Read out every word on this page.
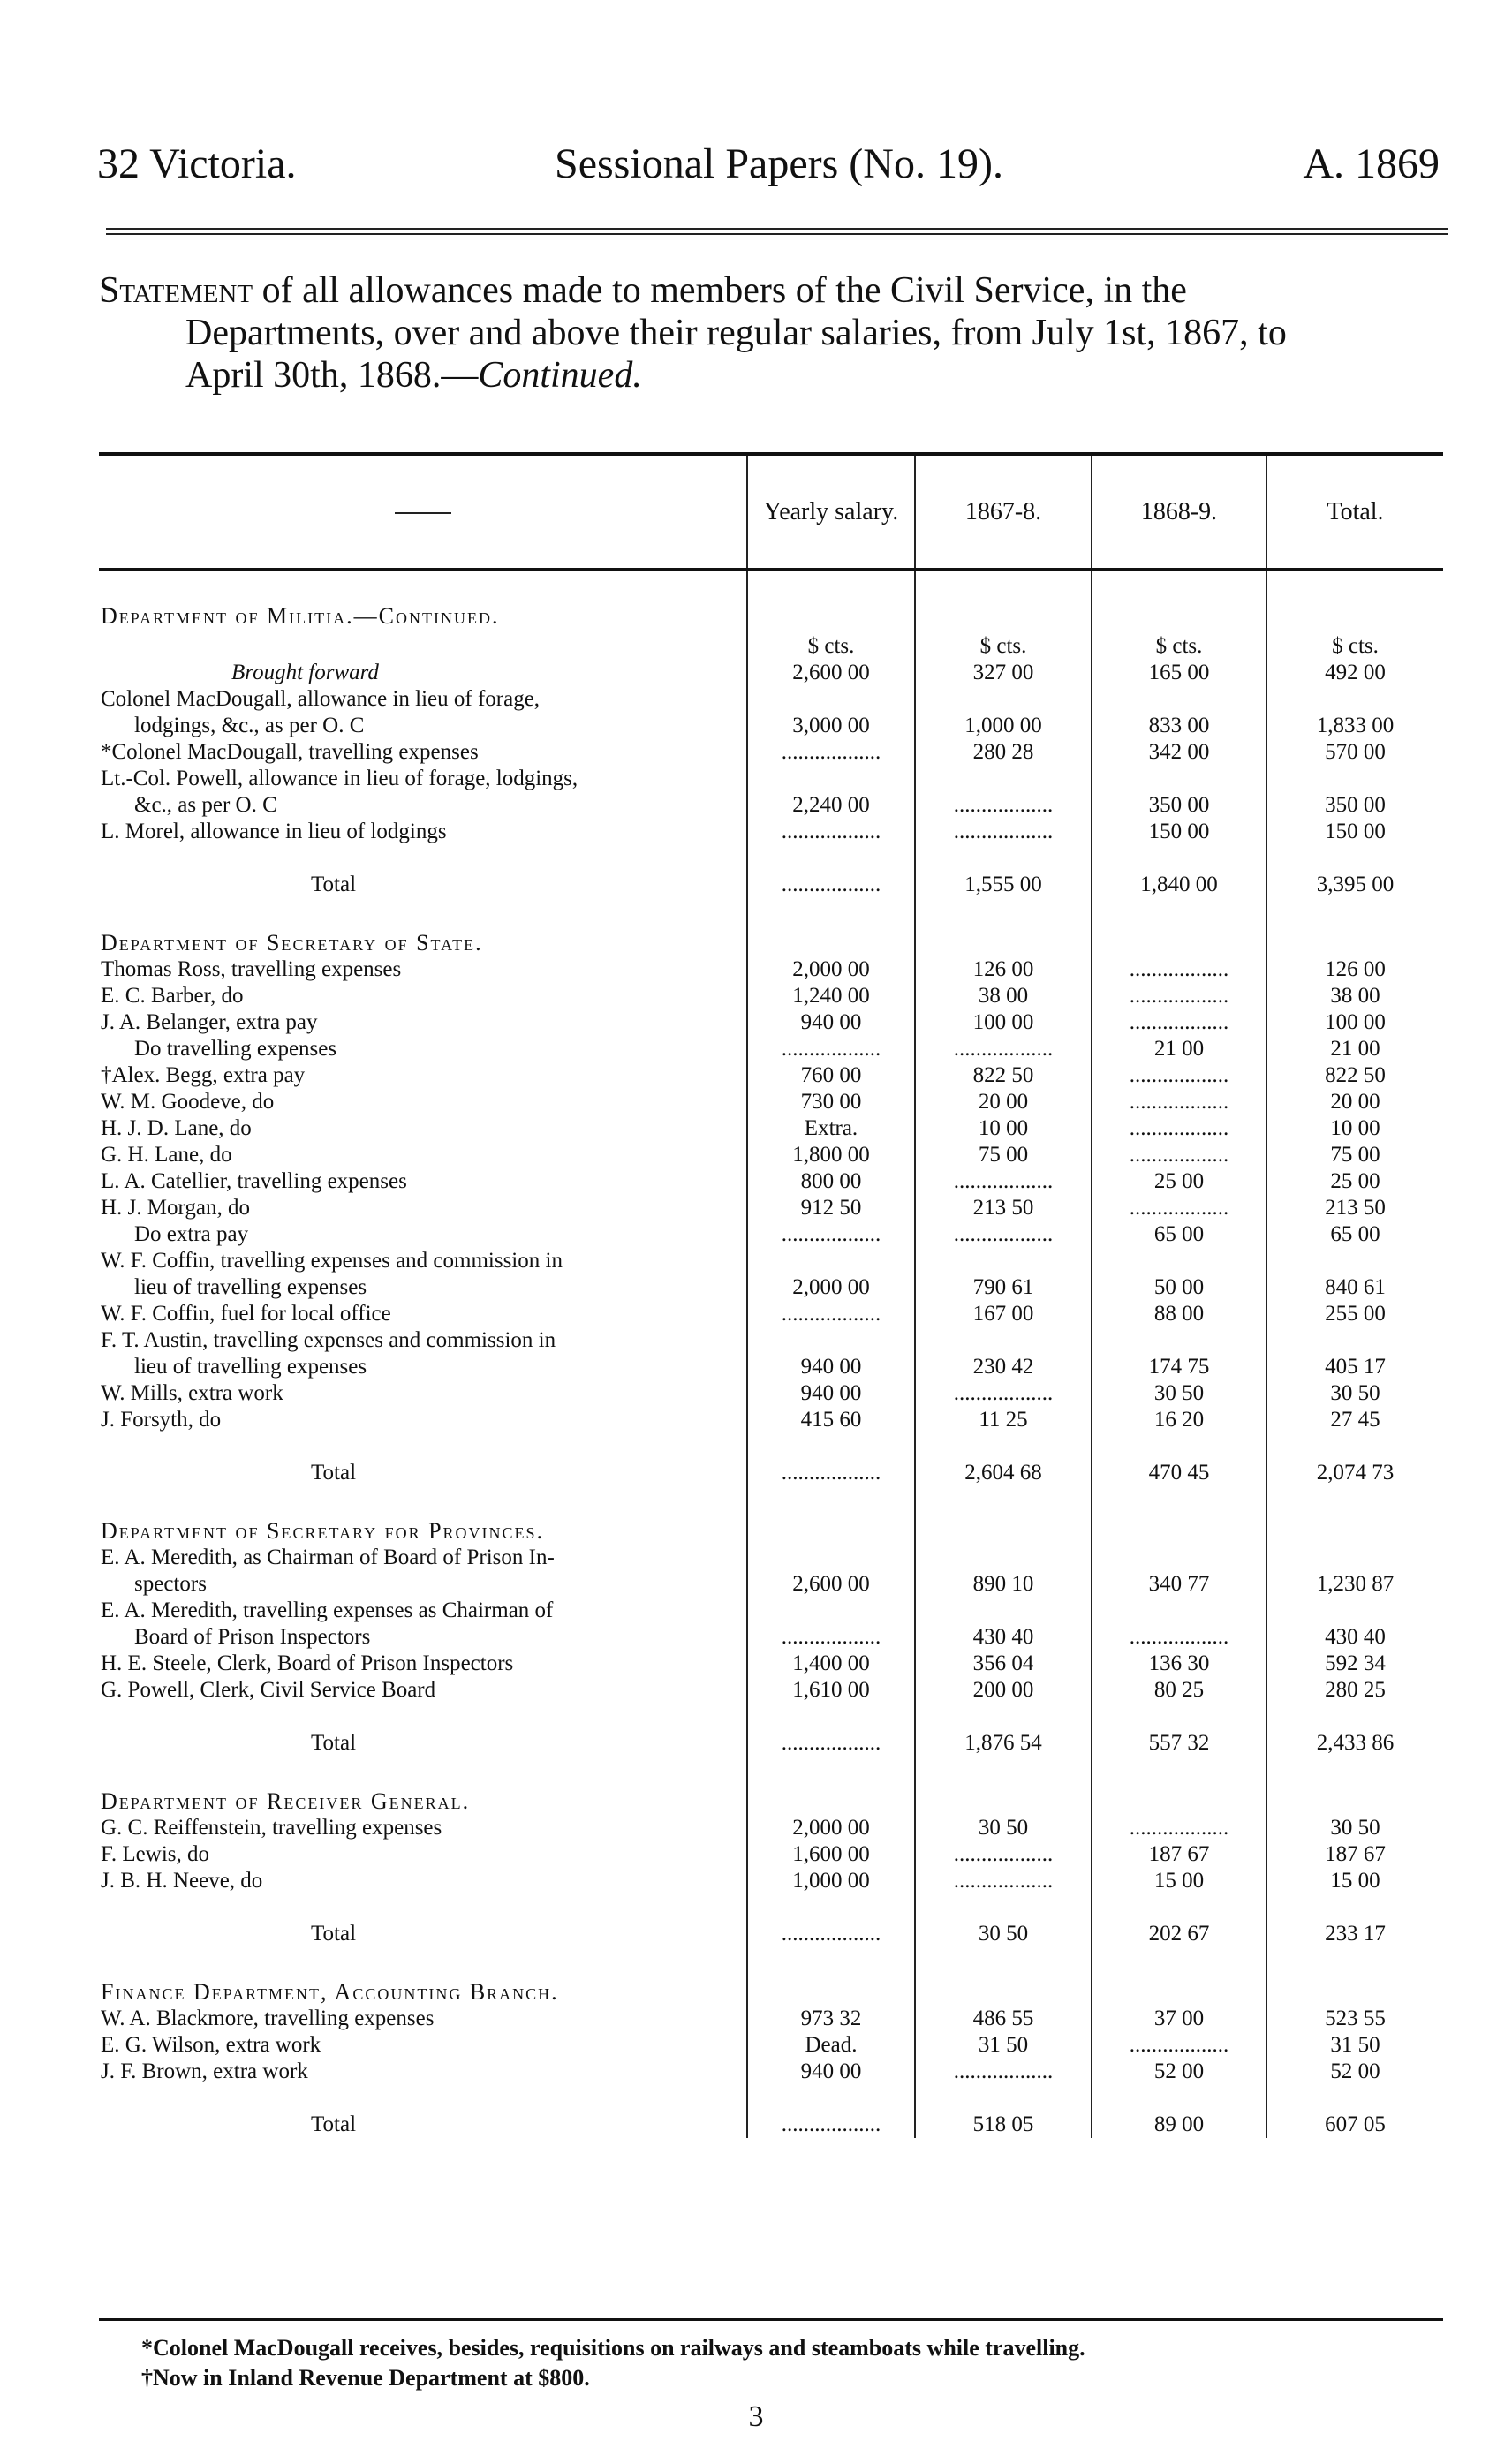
32 Victoria.	Sessional Papers (No. 19).	A. 1869
Statement of all allowances made to members of the Civil Service, in the
Departments, over and above their regular salaries, from July 1st, 1867, to
April 30th, 1868.—Continued.
	Yearly salary.	1867-8.	1868-9.	Total.
Department of Militia.—Continued.				
	$ cts.	$ cts.	$ cts.	$ cts.
Brought forward	2,600 00	327 00	165 00	492 00
Colonel MacDougall, allowance in lieu of forage,				
lodgings, &c., as per O. C	3,000 00	1,000 00	833 00	1,833 00
*Colonel MacDougall, travelling expenses	..................	280 28	342 00	570 00
Lt.-Col. Powell, allowance in lieu of forage, lodgings,				
&c., as per O. C	2,240 00	..................	350 00	350 00
L. Morel, allowance in lieu of lodgings	..................	..................	150 00	150 00
Total	..................	1,555 00	1,840 00	3,395 00
Department of Secretary of State.				
Thomas Ross, travelling expenses	2,000 00	126 00	..................	126 00
E. C. Barber, do	1,240 00	38 00	..................	38 00
J. A. Belanger, extra pay	940 00	100 00	..................	100 00
Do travelling expenses	..................	..................	21 00	21 00
†Alex. Begg, extra pay	760 00	822 50	..................	822 50
W. M. Goodeve, do	730 00	20 00	..................	20 00
H. J. D. Lane, do	Extra.	10 00	..................	10 00
G. H. Lane, do	1,800 00	75 00	..................	75 00
L. A. Catellier, travelling expenses	800 00	..................	25 00	25 00
H. J. Morgan, do	912 50	213 50	..................	213 50
Do extra pay	..................	..................	65 00	65 00
W. F. Coffin, travelling expenses and commission in				
lieu of travelling expenses	2,000 00	790 61	50 00	840 61
W. F. Coffin, fuel for local office	..................	167 00	88 00	255 00
F. T. Austin, travelling expenses and commission in				
lieu of travelling expenses	940 00	230 42	174 75	405 17
W. Mills, extra work	940 00	..................	30 50	30 50
J. Forsyth, do	415 60	11 25	16 20	27 45
Total	..................	2,604 68	470 45	2,074 73
Department of Secretary for Provinces.				
E. A. Meredith, as Chairman of Board of Prison In-				
spectors	2,600 00	890 10	340 77	1,230 87
E. A. Meredith, travelling expenses as Chairman of				
Board of Prison Inspectors	..................	430 40	..................	430 40
H. E. Steele, Clerk, Board of Prison Inspectors	1,400 00	356 04	136 30	592 34
G. Powell, Clerk, Civil Service Board	1,610 00	200 00	80 25	280 25
Total	..................	1,876 54	557 32	2,433 86
Department of Receiver General.				
G. C. Reiffenstein, travelling expenses	2,000 00	30 50	..................	30 50
F. Lewis, do	1,600 00	..................	187 67	187 67
J. B. H. Neeve, do	1,000 00	..................	15 00	15 00
Total	..................	30 50	202 67	233 17
Finance Department, Accounting Branch.				
W. A. Blackmore, travelling expenses	973 32	486 55	37 00	523 55
E. G. Wilson, extra work	Dead.	31 50	..................	31 50
J. F. Brown, extra work	940 00	..................	52 00	52 00
Total	..................	518 05	89 00	607 05
*Colonel MacDougall receives, besides, requisitions on railways and steamboats while travelling.
†Now in Inland Revenue Department at $800.
3
